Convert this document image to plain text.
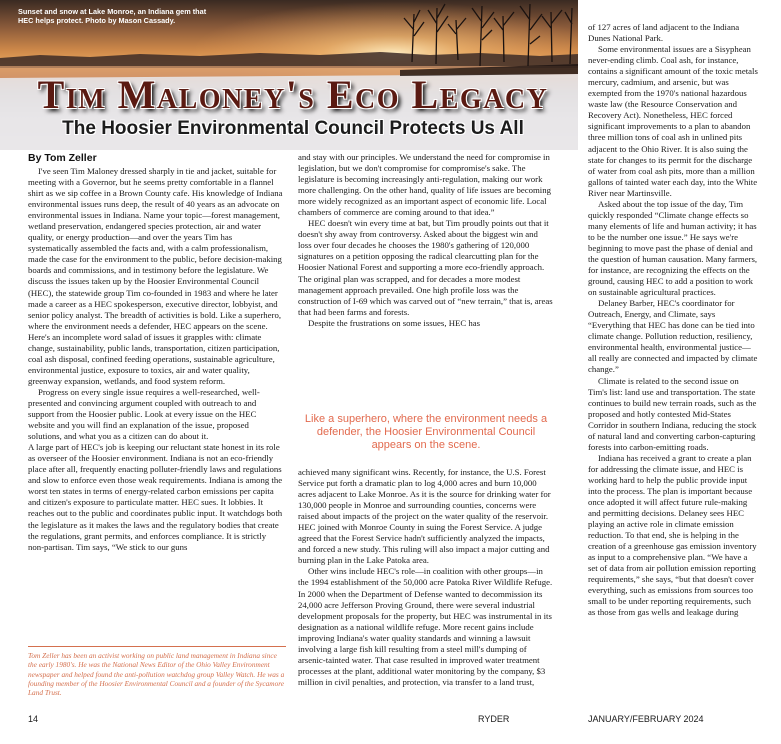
Sunset and snow at Lake Monroe, an Indiana gem that HEC helps protect. Photo by Mason Cassady.
Tim Maloney's Eco Legacy
The Hoosier Environmental Council Protects Us All
By Tom Zeller

I've seen Tim Maloney dressed sharply in tie and jacket, suitable for meeting with a Governor, but he seems pretty comfortable in a flannel shirt as we sip coffee in a Brown County cafe. His knowledge of Indiana environmental issues runs deep, the result of 40 years as an advocate on environmental issues in Indiana. Name your topic—forest management, wetland preservation, endangered species protection, air and water quality, or energy production—and over the years Tim has systematically assembled the facts and, with a calm professionalism, made the case for the environment to the public, before decision-making boards and commissions, and in testimony before the legislature. We discuss the issues taken up by the Hoosier Environmental Council (HEC), the statewide group Tim co-founded in 1983 and where he later made a career as a HEC spokesperson, executive director, lobbyist, and senior policy analyst. The breadth of activities is bold. Like a superhero, where the environment needs a defender, HEC appears on the scene. Here's an incomplete word salad of issues it grapples with: climate change, sustainability, public lands, transportation, citizen participation, coal ash disposal, confined feeding operations, sustainable agriculture, environmental justice, exposure to toxics, air and water quality, greenway expansion, wetlands, and food system reform.

Progress on every single issue requires a well-researched, well-presented and convincing argument coupled with outreach to and support from the Hoosier public. Look at every issue on the HEC website and you will find an explanation of the issue, proposed solutions, and what you as a citizen can do about it.

A large part of HEC's job is keeping our reluctant state honest in its role as overseer of the Hoosier environment. Indiana is not an eco-friendly place after all, frequently enacting polluter-friendly laws and regulations and slow to enforce even those weak requirements. Indiana is among the worst ten states in terms of energy-related carbon emissions per capita and citizen's exposure to particulate matter. HEC sues. It lobbies. It reaches out to the public and coordinates public input. It watchdogs both the legislature as it makes the laws and the regulatory bodies that create the regulations, grant permits, and enforces compliance. It is strictly non-partisan. Tim says, “We stick to our guns

and stay with our principles. We understand the need for compromise in legislation, but we don't compromise for compromise's sake. The legislature is becoming increasingly anti-regulation, making our work more challenging. On the other hand, quality of life issues are becoming more widely recognized as an important aspect of economic life. Local chambers of commerce are coming around to that idea.”

HEC doesn't win every time at bat, but Tim proudly points out that it doesn't shy away from controversy. Asked about the biggest win and loss over four decades he chooses the 1980's gathering of 120,000 signatures on a petition opposing the radical clearcutting plan for the Hoosier National Forest and supporting a more eco-friendly approach. The original plan was scrapped, and for decades a more modest management approach prevailed. One high profile loss was the construction of I-69 which was carved out of “new terrain,” that is, areas that had been farms and forests.

Despite the frustrations on some issues, HEC has

Like a superhero, where the environment needs a defender, the Hoosier Environmental Council appears on the scene.

achieved many significant wins. Recently, for instance, the U.S. Forest Service put forth a dramatic plan to log 4,000 acres and burn 10,000 acres adjacent to Lake Monroe. As it is the source for drinking water for 130,000 people in Monroe and surrounding counties, concerns were raised about impacts of the project on the water quality of the reservoir. HEC joined with Monroe County in suing the Forest Service. A judge agreed that the Forest Service hadn't sufficiently analyzed the impacts, and forced a new study. This ruling will also impact a major cutting and burning plan in the Lake Patoka area.

Other wins include HEC's role—in coalition with other groups—in the 1994 establishment of the 50,000 acre Patoka River Wildlife Refuge. In 2000 when the Department of Defense wanted to decommission its 24,000 acre Jefferson Proving Ground, there were several industrial development proposals for the property, but HEC was instrumental in its designation as a national wildlife refuge. More recent gains include improving Indiana's water quality standards and winning a lawsuit involving a large fish kill resulting from a steel mill's dumping of arsenic-tainted water. That case resulted in improved water treatment processes at the plant, additional water monitoring by the company, $3 million in civil penalties, and protection, via transfer to a land trust,

of 127 acres of land adjacent to the Indiana Dunes National Park.

Some environmental issues are a Sisyphean never-ending climb. Coal ash, for instance, contains a significant amount of the toxic metals mercury, cadmium, and arsenic, but was exempted from the 1970's national hazardous waste law (the Resource Conservation and Recovery Act). Nonetheless, HEC forced significant improvements to a plan to abandon three million tons of coal ash in unlined pits adjacent to the Ohio River. It is also suing the state for changes to its permit for the discharge of water from coal ash pits, more than a million gallons of tainted water each day, into the White River near Martinsville.

Asked about the top issue of the day, Tim quickly responded “Climate change effects so many elements of life and human activity; it has to be the number one issue.” He says we're beginning to move past the phase of denial and the question of human causation. Many farmers, for instance, are recognizing the effects on the ground, causing HEC to add a position to work on sustainable agricultural practices.

Delaney Barber, HEC's coordinator for Outreach, Energy, and Climate, says “Everything that HEC has done can be tied into climate change. Pollution reduction, resiliency, environmental health, environmental justice—all really are connected and impacted by climate change.”

Climate is related to the second issue on Tim's list: land use and transportation. The state continues to build new terrain roads, such as the proposed and hotly contested Mid-States Corridor in southern Indiana, reducing the stock of natural land and converting carbon-capturing forests into carbon-emitting roads.

Indiana has received a grant to create a plan for addressing the climate issue, and HEC is working hard to help the public provide input into the process. The plan is important because once adopted it will affect future rule-making and permitting decisions. Delaney sees HEC playing an active role in climate emission reduction. To that end, she is helping in the creation of a greenhouse gas emission inventory as input to a comprehensive plan. “We have a set of data from air pollution emission reporting requirements,” she says, “but that doesn't cover everything, such as emissions from sources too small to be under reporting requirements, such as those from gas wells and leakage during

Tom Zeller has been an activist working on public land management in Indiana since the early 1980's. He was the National News Editor of the Ohio Valley Environment newspaper and helped found the anti-pollution watchdog group Valley Watch. He was a founding member of the Hoosier Environmental Council and a founder of the Sycamore Land Trust.
14	RYDER	JANUARY/FEBRUARY 2024
